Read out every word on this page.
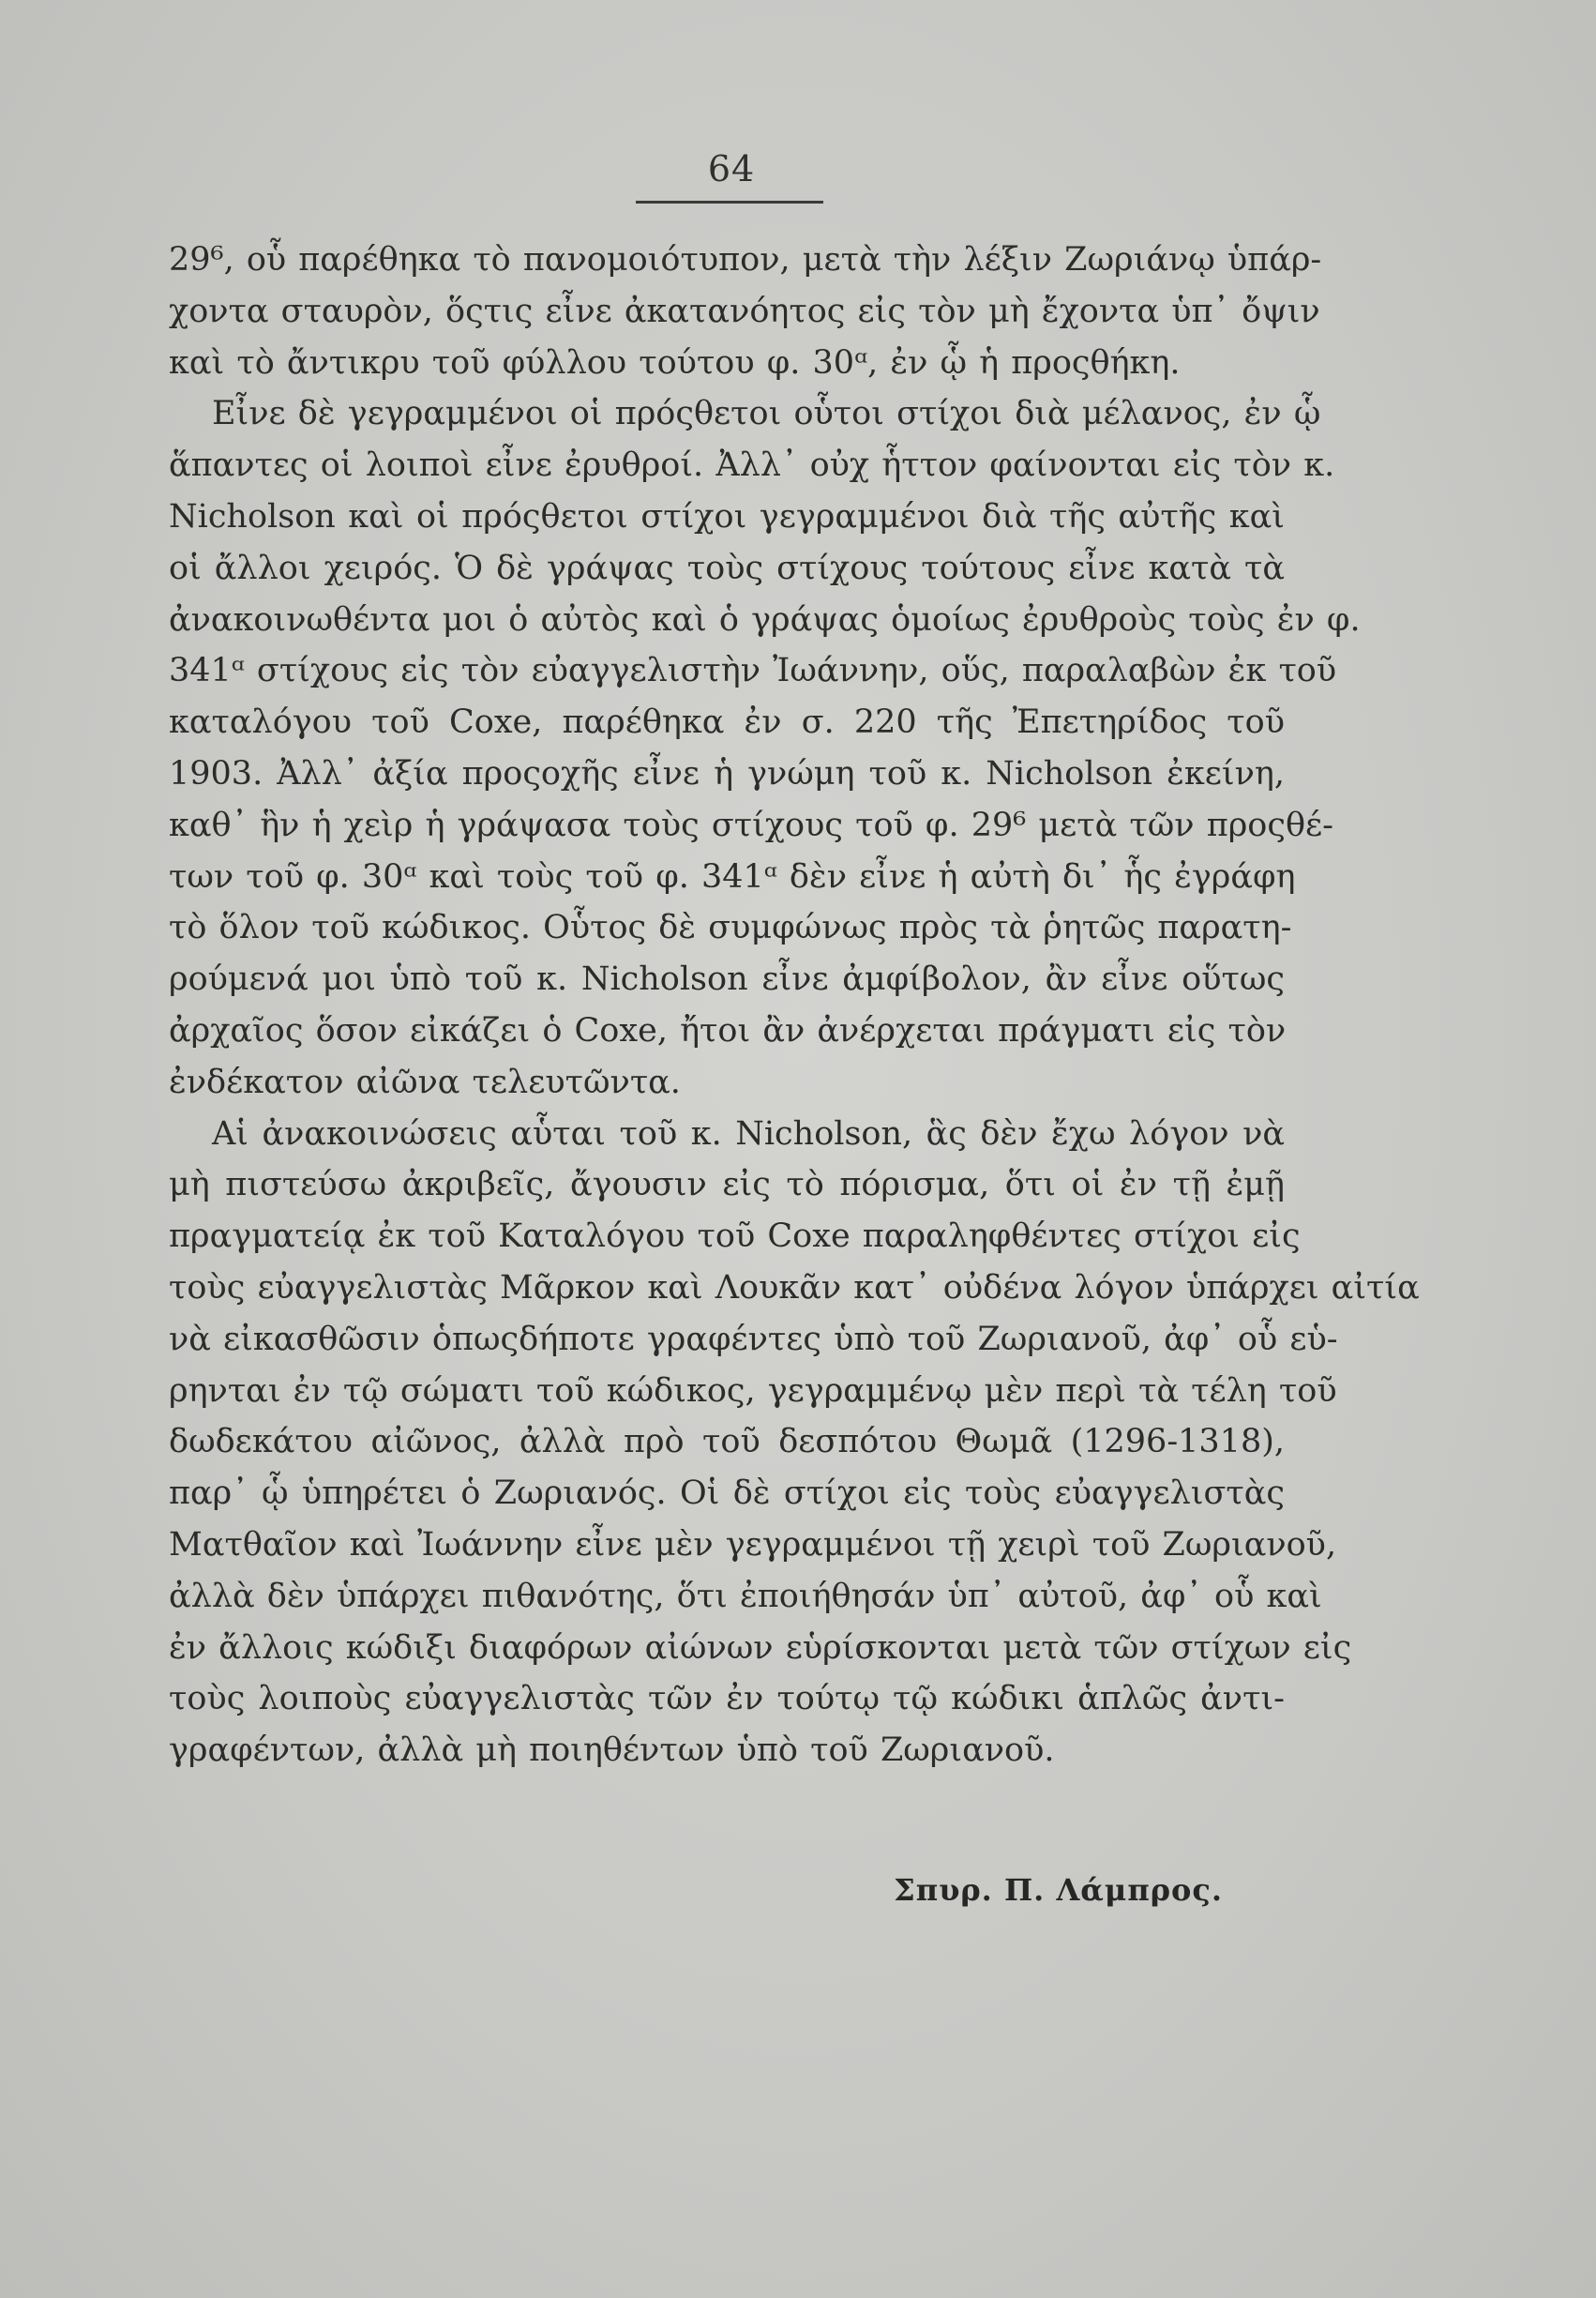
64
29⁶, οὗ παρέθηκα τὸ πανομοιότυπον, μετὰ τὴν λέξιν Ζωριάνῳ ὑπάρ-
χοντα σταυρὸν, ὅςτις εἶνε ἀκατανόητος εἰς τὸν μὴ ἔχοντα ὑπ᾿ ὄψιν
καὶ τὸ ἄντικρυ τοῦ φύλλου τούτου φ. 30ᵅ, ἐν ᾧ ἡ προςθήκη.
Εἶνε δὲ γεγραμμένοι οἱ πρόςθετοι οὗτοι στίχοι διὰ μέλανος, ἐν ᾧ
ἅπαντες οἱ λοιποὶ εἶνε ἐρυθροί. Ἀλλ᾿ οὐχ ἧττον φαίνονται εἰς τὸν κ.
Nicholson καὶ οἱ πρόςθετοι στίχοι γεγραμμένοι διὰ τῆς αὐτῆς καὶ
οἱ ἄλλοι χειρός. Ὁ δὲ γράψας τοὺς στίχους τούτους εἶνε κατὰ τὰ
ἀνακοινωθέντα μοι ὁ αὐτὸς καὶ ὁ γράψας ὁμοίως ἐρυθροὺς τοὺς ἐν φ.
341ᵅ στίχους εἰς τὸν εὐαγγελιστὴν Ἰωάννην, οὕς, παραλαβὼν ἐκ τοῦ
καταλόγου τοῦ Coxe, παρέθηκα ἐν σ. 220 τῆς Ἐπετηρίδος τοῦ
1903. Ἀλλ᾿ ἀξία προςοχῆς εἶνε ἡ γνώμη τοῦ κ. Nicholson ἐκείνη,
καθ᾿ ἣν ἡ χεὶρ ἡ γράψασα τοὺς στίχους τοῦ φ. 29⁶ μετὰ τῶν προςθέ-
των τοῦ φ. 30ᵅ καὶ τοὺς τοῦ φ. 341ᵅ δὲν εἶνε ἡ αὐτὴ δι᾿ ἧς ἐγράφη
τὸ ὅλον τοῦ κώδικος. Οὗτος δὲ συμφώνως πρὸς τὰ ῥητῶς παρατη-
ρούμενά μοι ὑπὸ τοῦ κ. Nicholson εἶνε ἀμφίβολον, ἂν εἶνε οὕτως
ἀρχαῖος ὅσον εἰκάζει ὁ Coxe, ἤτοι ἂν ἀνέρχεται πράγματι εἰς τὸν
ἐνδέκατον αἰῶνα τελευτῶντα.
Αἱ ἀνακοινώσεις αὗται τοῦ κ. Nicholson, ἃς δὲν ἔχω λόγον νὰ
μὴ πιστεύσω ἀκριβεῖς, ἄγουσιν εἰς τὸ πόρισμα, ὅτι οἱ ἐν τῇ ἐμῇ
πραγματείᾳ ἐκ τοῦ Καταλόγου τοῦ Coxe παραληφθέντες στίχοι εἰς
τοὺς εὐαγγελιστὰς Μᾶρκον καὶ Λουκᾶν κατ᾿ οὐδένα λόγον ὑπάρχει αἰτία
νὰ εἰκασθῶσιν ὁπωςδήποτε γραφέντες ὑπὸ τοῦ Ζωριανοῦ, ἀφ᾿ οὗ εὑ-
ρηνται ἐν τῷ σώματι τοῦ κώδικος, γεγραμμένῳ μὲν περὶ τὰ τέλη τοῦ
δωδεκάτου αἰῶνος, ἀλλὰ πρὸ τοῦ δεσπότου Θωμᾶ (1296-1318),
παρ᾿ ᾧ ὑπηρέτει ὁ Ζωριανός. Οἱ δὲ στίχοι εἰς τοὺς εὐαγγελιστὰς
Ματθαῖον καὶ Ἰωάννην εἶνε μὲν γεγραμμένοι τῇ χειρὶ τοῦ Ζωριανοῦ,
ἀλλὰ δὲν ὑπάρχει πιθανότης, ὅτι ἐποιήθησάν ὑπ᾿ αὐτοῦ, ἀφ᾿ οὗ καὶ
ἐν ἄλλοις κώδιξι διαφόρων αἰώνων εὑρίσκονται μετὰ τῶν στίχων εἰς
τοὺς λοιποὺς εὐαγγελιστὰς τῶν ἐν τούτῳ τῷ κώδικι ἁπλῶς ἀντι-
γραφέντων, ἀλλὰ μὴ ποιηθέντων ὑπὸ τοῦ Ζωριανοῦ.
Σπυρ. Π. Λάμπρος.
